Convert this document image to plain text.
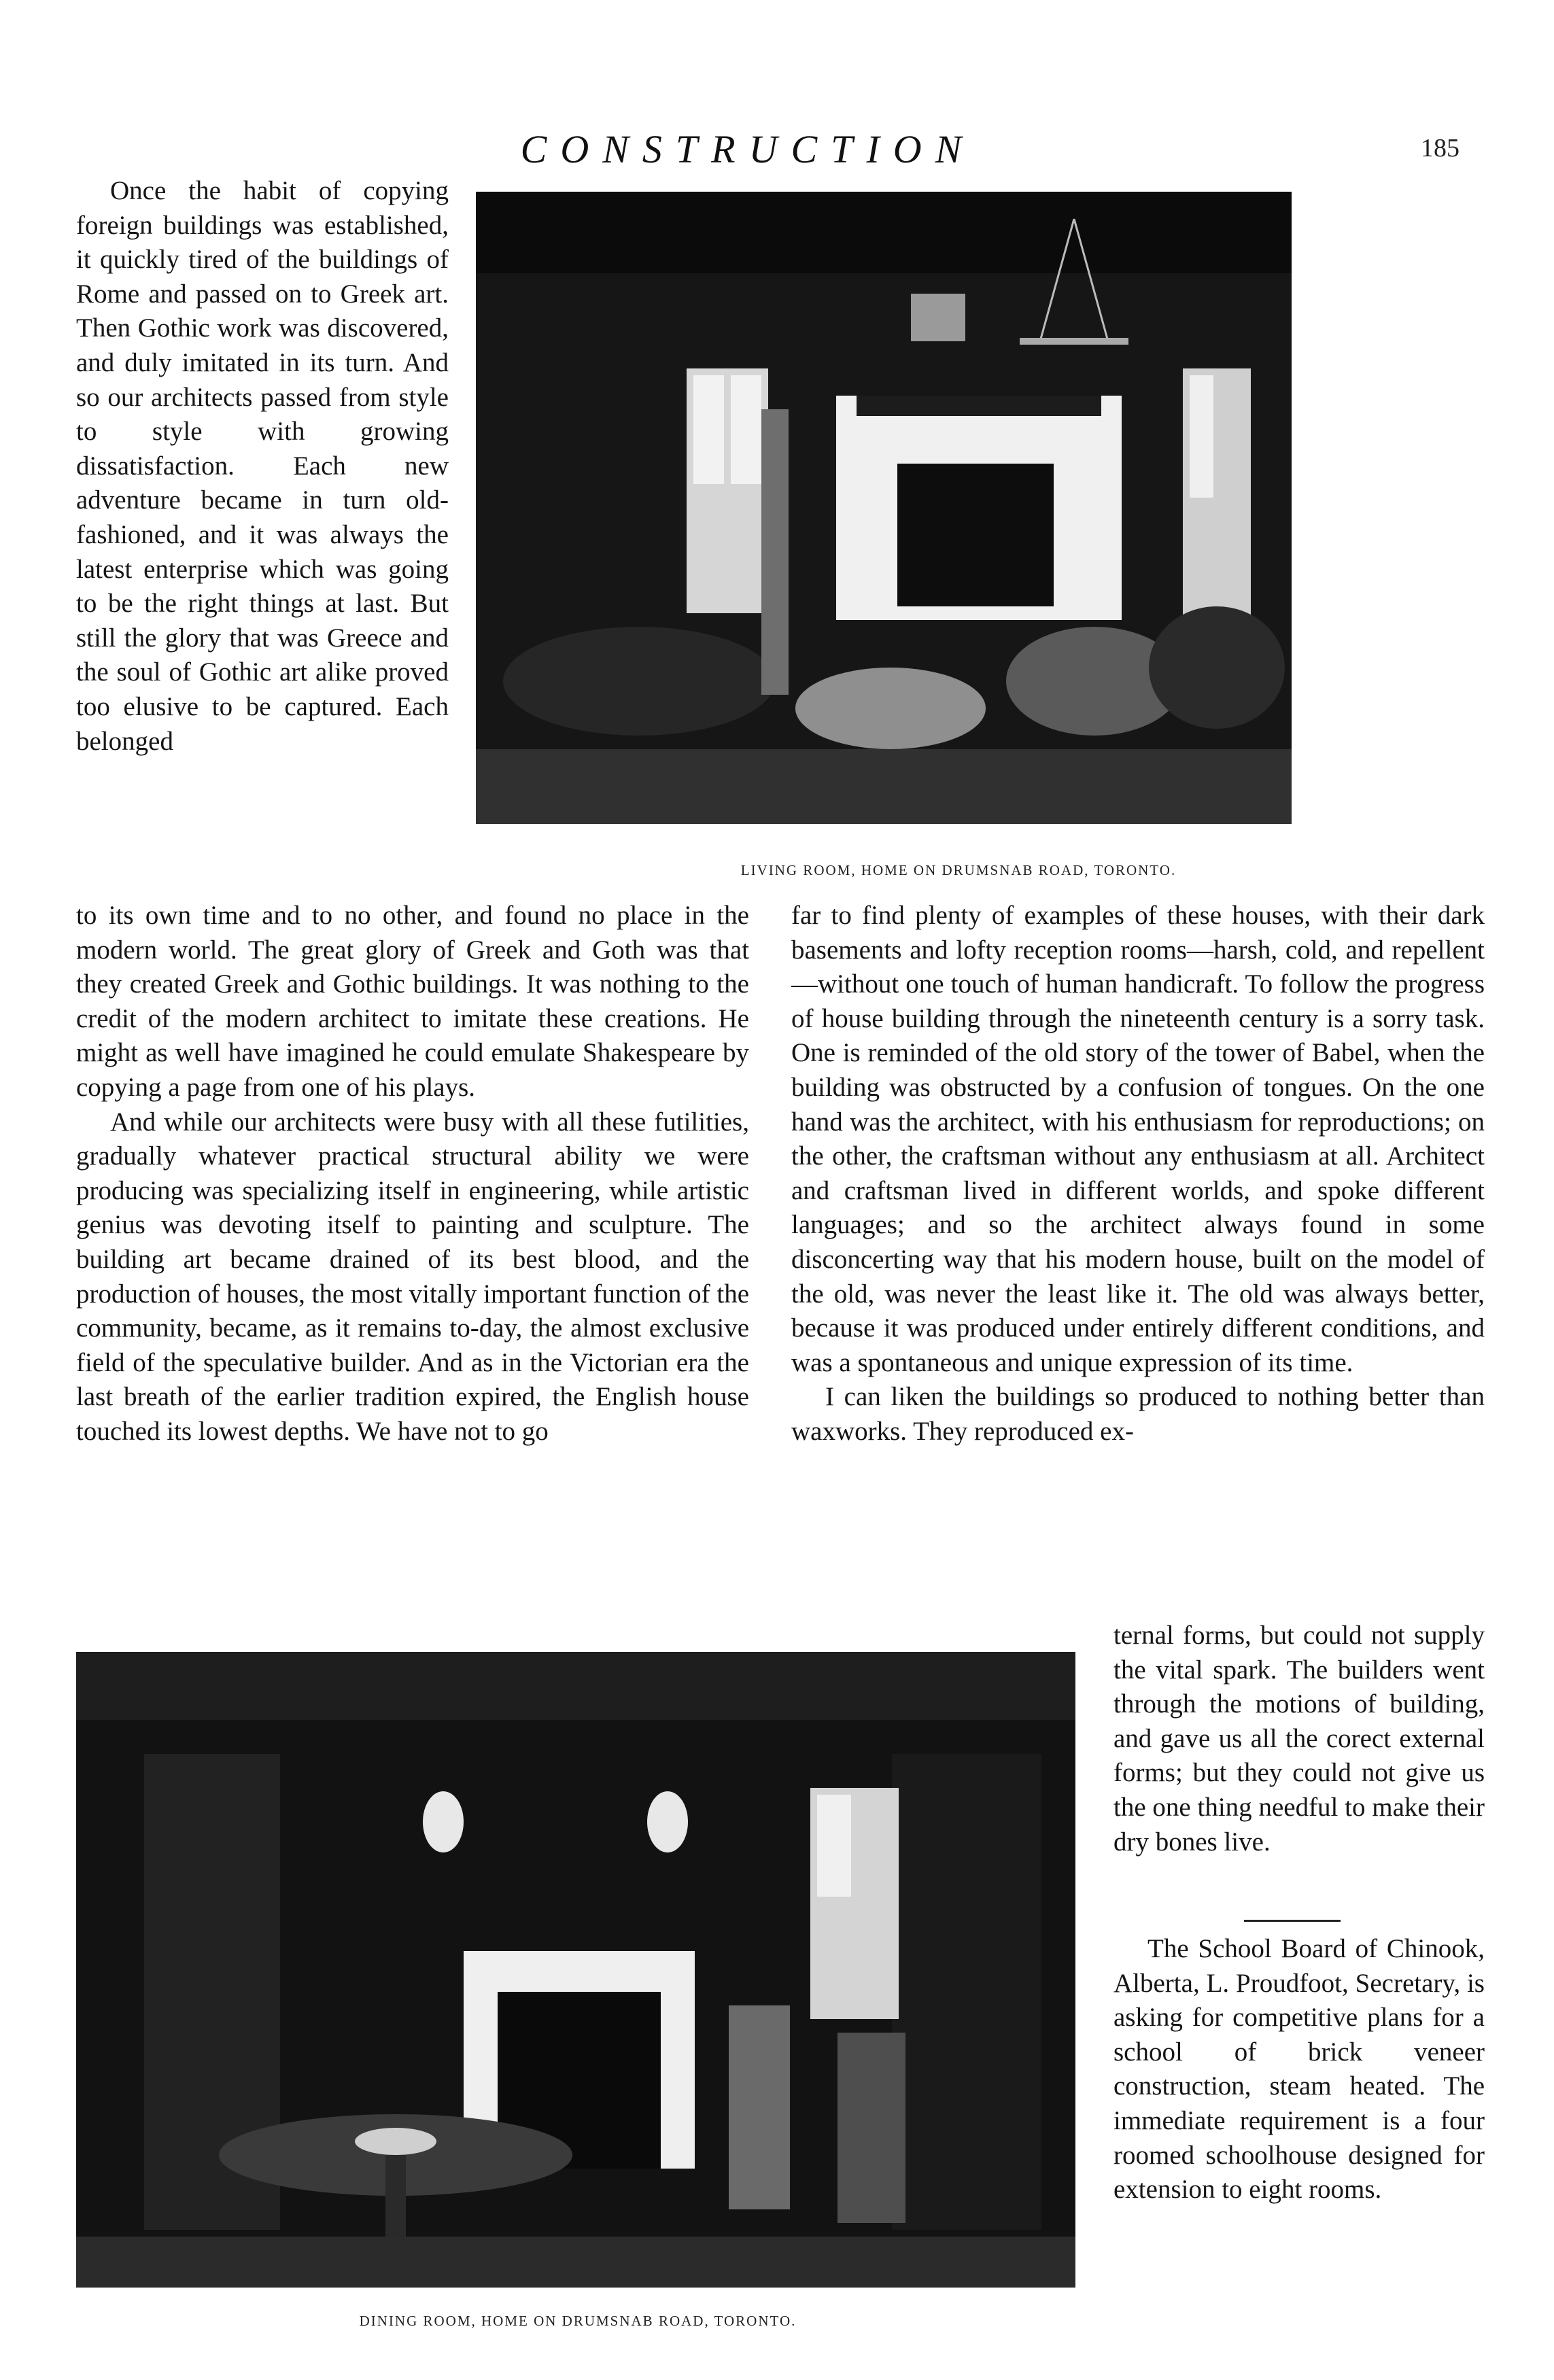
CONSTRUCTION	185

Once the habit of copying foreign buildings was established, it quickly tired of the buildings of Rome and passed on to Greek art. Then Gothic work was discovered, and duly imitated in its turn. And so our architects passed from style to style with growing dissatisfaction. Each new adventure became in turn old-fashioned, and it was always the latest enterprise which was going to be the right things at last. But still the glory that was Greece and the soul of Gothic art alike proved too elusive to be captured. Each belonged

LIVING ROOM, HOME ON DRUMSNAB ROAD, TORONTO.

to its own time and to no other, and found no place in the modern world. The great glory of Greek and Goth was that they created Greek and Gothic buildings. It was nothing to the credit of the modern architect to imitate these creations. He might as well have imagined he could emulate Shakespeare by copying a page from one of his plays.

And while our architects were busy with all these futilities, gradually whatever practical structural ability we were producing was specializing itself in engineering, while artistic genius was devoting itself to painting and sculpture. The building art became drained of its best blood, and the production of houses, the most vitally important function of the community, became, as it remains to-day, the almost exclusive field of the speculative builder. And as in the Victorian era the last breath of the earlier tradition expired, the English house touched its lowest depths. We have not to go

far to find plenty of examples of these houses, with their dark basements and lofty reception rooms—harsh, cold, and repellent—without one touch of human handicraft. To follow the progress of house building through the nineteenth century is a sorry task. One is reminded of the old story of the tower of Babel, when the building was obstructed by a confusion of tongues. On the one hand was the architect, with his enthusiasm for reproductions; on the other, the craftsman without any enthusiasm at all. Architect and craftsman lived in different worlds, and spoke different languages; and so the architect always found in some disconcerting way that his modern house, built on the model of the old, was never the least like it. The old was always better, because it was produced under entirely different conditions, and was a spontaneous and unique expression of its time.

I can liken the buildings so produced to nothing better than waxworks. They reproduced ex-

DINING ROOM, HOME ON DRUMSNAB ROAD, TORONTO.

ternal forms, but could not supply the vital spark. The builders went through the motions of building, and gave us all the corect external forms; but they could not give us the one thing needful to make their dry bones live.

The School Board of Chinook, Alberta, L. Proudfoot, Secretary, is asking for competitive plans for a school of brick veneer construction, steam heated. The immediate requirement is a four roomed schoolhouse designed for extension to eight rooms.
